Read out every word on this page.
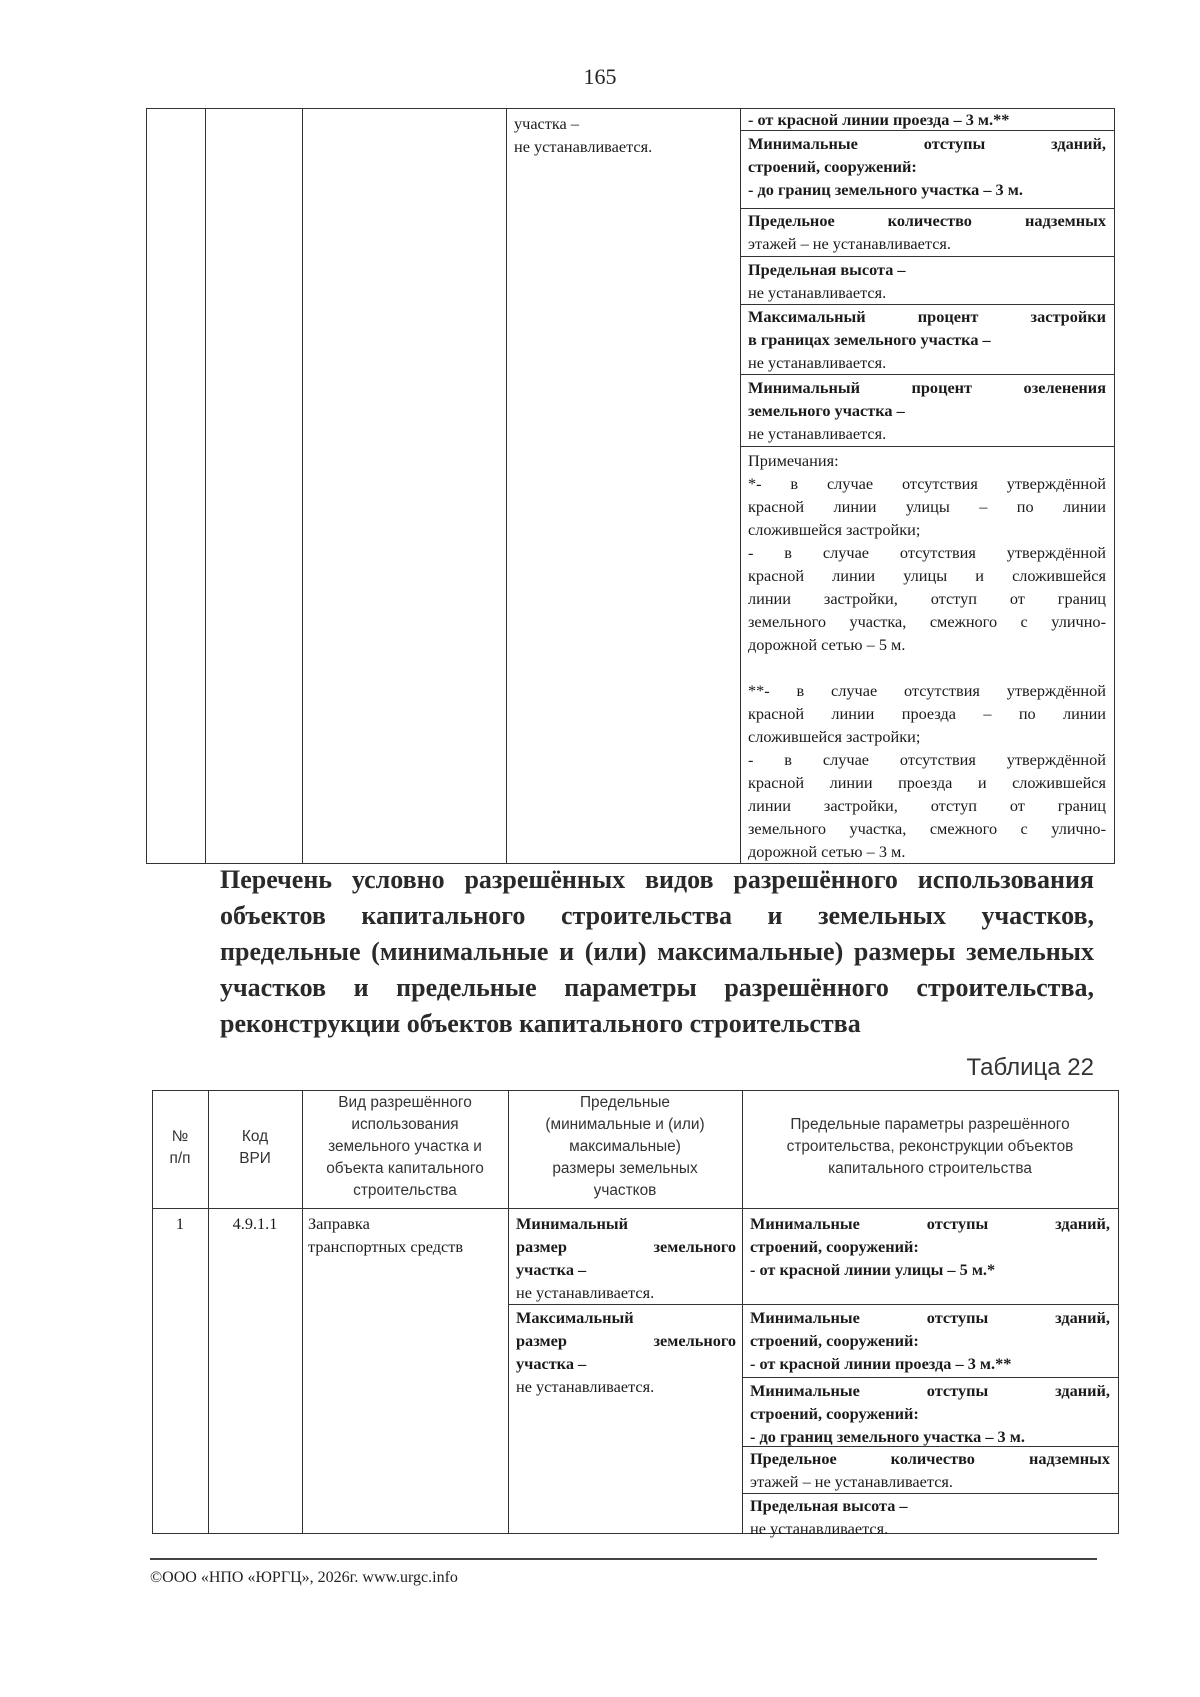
165
участка –
не устанавливается.
- от красной линии проезда – 3 м.**
Минимальные отступы зданий,
строений, сооружений:
- до границ земельного участка – 3 м.
Предельное количество надземных
этажей – не устанавливается.
Предельная высота –
не устанавливается.
Максимальный процент застройки
в границах земельного участка –
не устанавливается.
Минимальный процент озеленения
земельного участка –
не устанавливается.
Примечания:
*- в случае отсутствия утверждённой
красной линии улицы – по линии
сложившейся застройки;
- в случае отсутствия утверждённой
красной линии улицы и сложившейся
линии застройки, отступ от границ
земельного участка, смежного с улично-
дорожной сетью – 5 м.
**- в случае отсутствия утверждённой
красной линии проезда – по линии
сложившейся застройки;
- в случае отсутствия утверждённой
красной линии проезда и сложившейся
линии застройки, отступ от границ
земельного участка, смежного с улично-
дорожной сетью – 3 м.
Перечень условно разрешённых видов разрешённого использования объектов капитального строительства и земельных участков, предельные (минимальные и (или) максимальные) размеры земельных участков и предельные параметры разрешённого строительства, реконструкции объектов капитального строительства
Таблица 22
№
п/п
Код
ВРИ
Вид разрешённого
использования
земельного участка и
объекта капитального
строительства
Предельные
(минимальные и (или)
максимальные)
размеры земельных
участков
Предельные параметры разрешённого
строительства, реконструкции объектов
капитального строительства
1	4.9.1.1	Заправка
транспортных средств
Минимальный
размер земельного
участка –
не устанавливается.
Максимальный
размер земельного
участка –
не устанавливается.
Минимальные отступы зданий,
строений, сооружений:
- от красной линии улицы – 5 м.*
Минимальные отступы зданий,
строений, сооружений:
- от красной линии проезда – 3 м.**
Минимальные отступы зданий,
строений, сооружений:
- до границ земельного участка – 3 м.
Предельное количество надземных
этажей – не устанавливается.
Предельная высота –
не устанавливается.
©ООО «НПО «ЮРГЦ», 2026г. www.urgc.info
